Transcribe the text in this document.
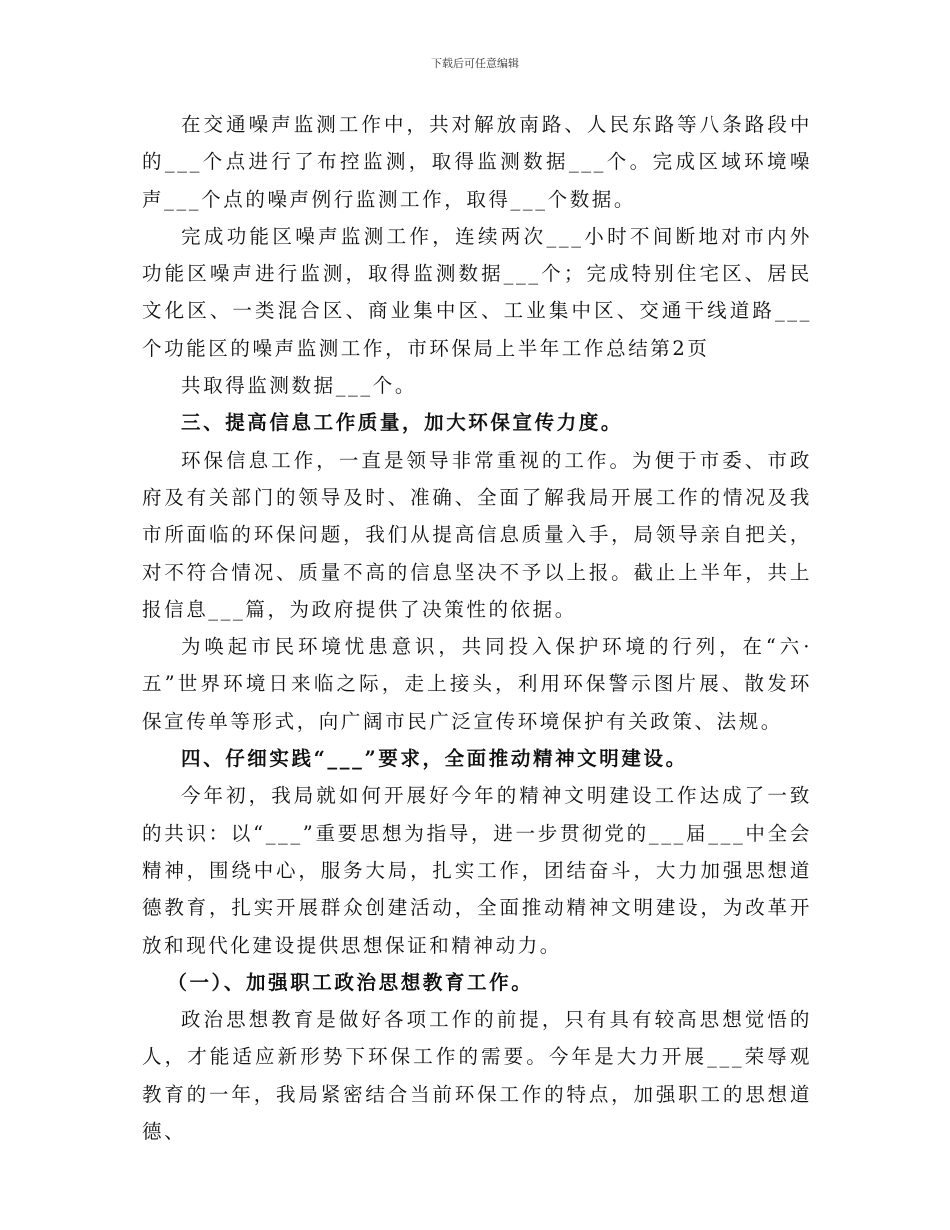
下载后可任意编辑

在交通噪声监测工作中，共对解放南路、人民东路等八条路段中的___个点进行了布控监测，取得监测数据___个。完成区域环境噪声___个点的噪声例行监测工作，取得___个数据。

完成功能区噪声监测工作，连续两次___小时不间断地对市内外功能区噪声进行监测，取得监测数据___个；完成特别住宅区、居民文化区、一类混合区、商业集中区、工业集中区、交通干线道路___个功能区的噪声监测工作，市环保局上半年工作总结第2页

共取得监测数据___个。

三、提高信息工作质量，加大环保宣传力度。

环保信息工作，一直是领导非常重视的工作。为便于市委、市政府及有关部门的领导及时、准确、全面了解我局开展工作的情况及我市所面临的环保问题，我们从提高信息质量入手，局领导亲自把关，对不符合情况、质量不高的信息坚决不予以上报。截止上半年，共上报信息___篇，为政府提供了决策性的依据。

为唤起市民环境忧患意识，共同投入保护环境的行列，在“六·五”世界环境日来临之际，走上接头，利用环保警示图片展、散发环保宣传单等形式，向广阔市民广泛宣传环境保护有关政策、法规。

四、仔细实践“___”要求，全面推动精神文明建设。

今年初，我局就如何开展好今年的精神文明建设工作达成了一致的共识：以“___”重要思想为指导，进一步贯彻党的___届___中全会精神，围绕中心，服务大局，扎实工作，团结奋斗，大力加强思想道德教育，扎实开展群众创建活动，全面推动精神文明建设，为改革开放和现代化建设提供思想保证和精神动力。

（一）、加强职工政治思想教育工作。

政治思想教育是做好各项工作的前提，只有具有较高思想觉悟的人，才能适应新形势下环保工作的需要。今年是大力开展___荣辱观教育的一年，我局紧密结合当前环保工作的特点，加强职工的思想道德、
